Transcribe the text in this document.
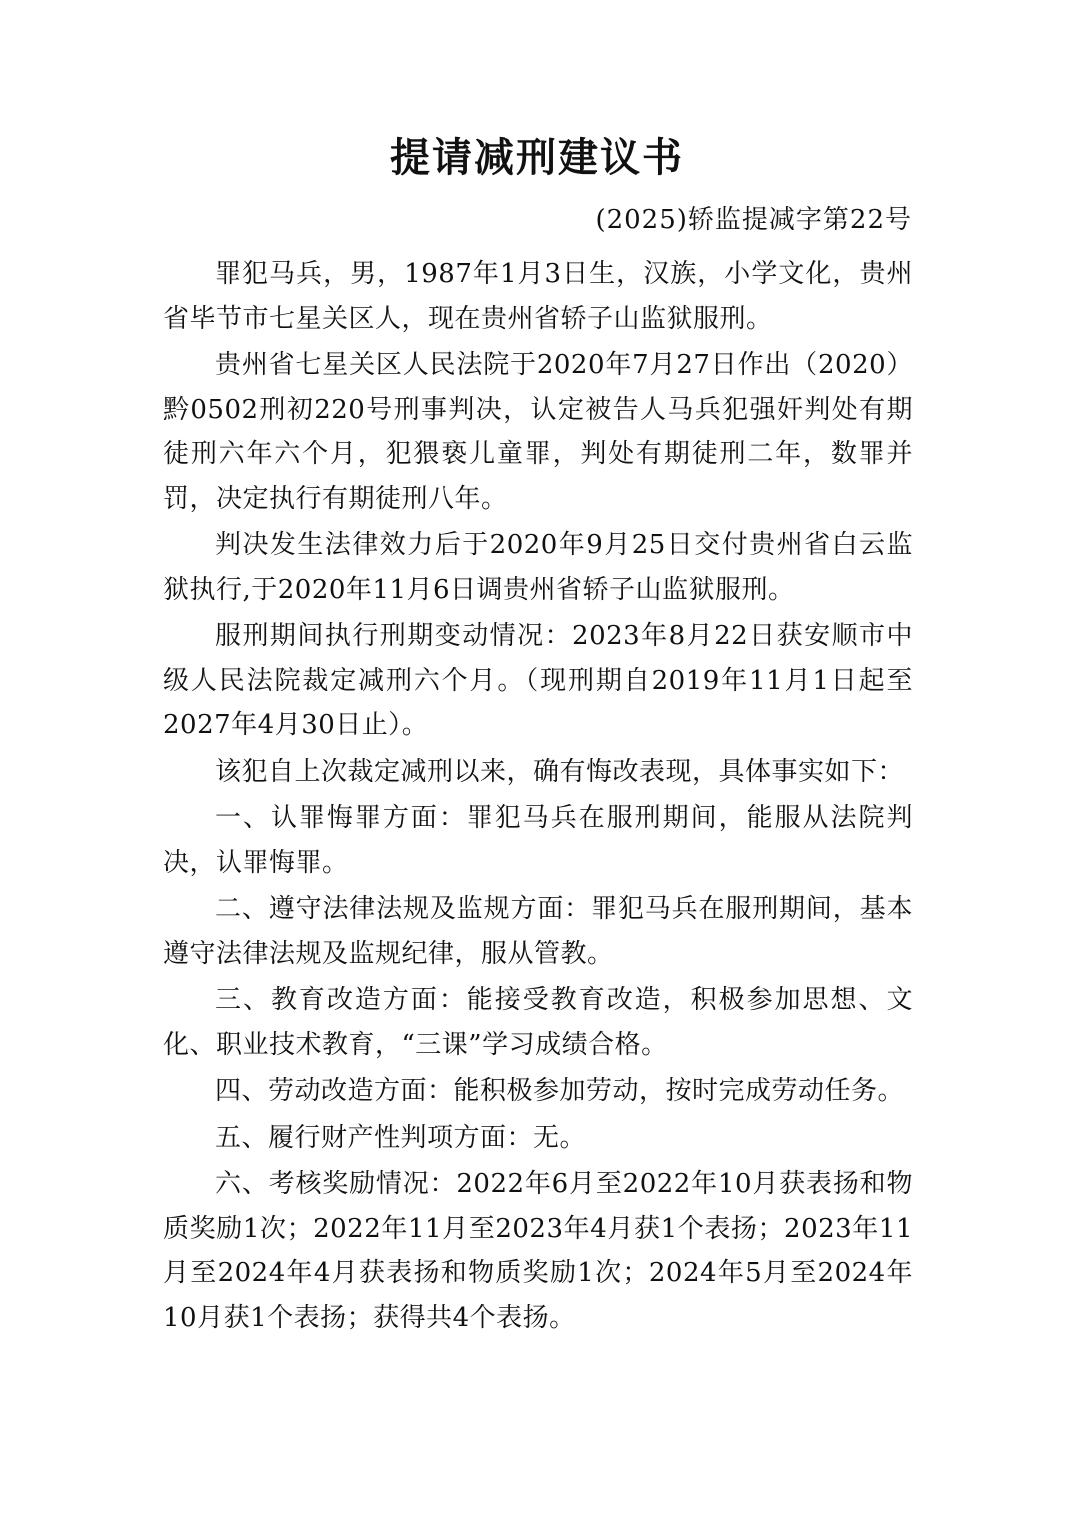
提请减刑建议书
(2025)轿监提减字第22号

罪犯马兵，男，1987年1月3日生，汉族，小学文化，贵州省毕节市七星关区人，现在贵州省轿子山监狱服刑。

贵州省七星关区人民法院于2020年7月27日作出（2020）黔0502刑初220号刑事判决，认定被告人马兵犯强奸判处有期徒刑六年六个月，犯猥亵儿童罪，判处有期徒刑二年，数罪并罚，决定执行有期徒刑八年。

判决发生法律效力后于2020年9月25日交付贵州省白云监狱执行,于2020年11月6日调贵州省轿子山监狱服刑。

服刑期间执行刑期变动情况：2023年8月22日获安顺市中级人民法院裁定减刑六个月。（现刑期自2019年11月1日起至2027年4月30日止）。

该犯自上次裁定减刑以来，确有悔改表现，具体事实如下：

一、认罪悔罪方面：罪犯马兵在服刑期间，能服从法院判决，认罪悔罪。

二、遵守法律法规及监规方面：罪犯马兵在服刑期间，基本遵守法律法规及监规纪律，服从管教。

三、教育改造方面：能接受教育改造，积极参加思想、文化、职业技术教育，“三课”学习成绩合格。

四、劳动改造方面：能积极参加劳动，按时完成劳动任务。

五、履行财产性判项方面：无。

六、考核奖励情况：2022年6月至2022年10月获表扬和物质奖励1次；2022年11月至2023年4月获1个表扬；2023年11月至2024年4月获表扬和物质奖励1次；2024年5月至2024年10月获1个表扬；获得共4个表扬。
